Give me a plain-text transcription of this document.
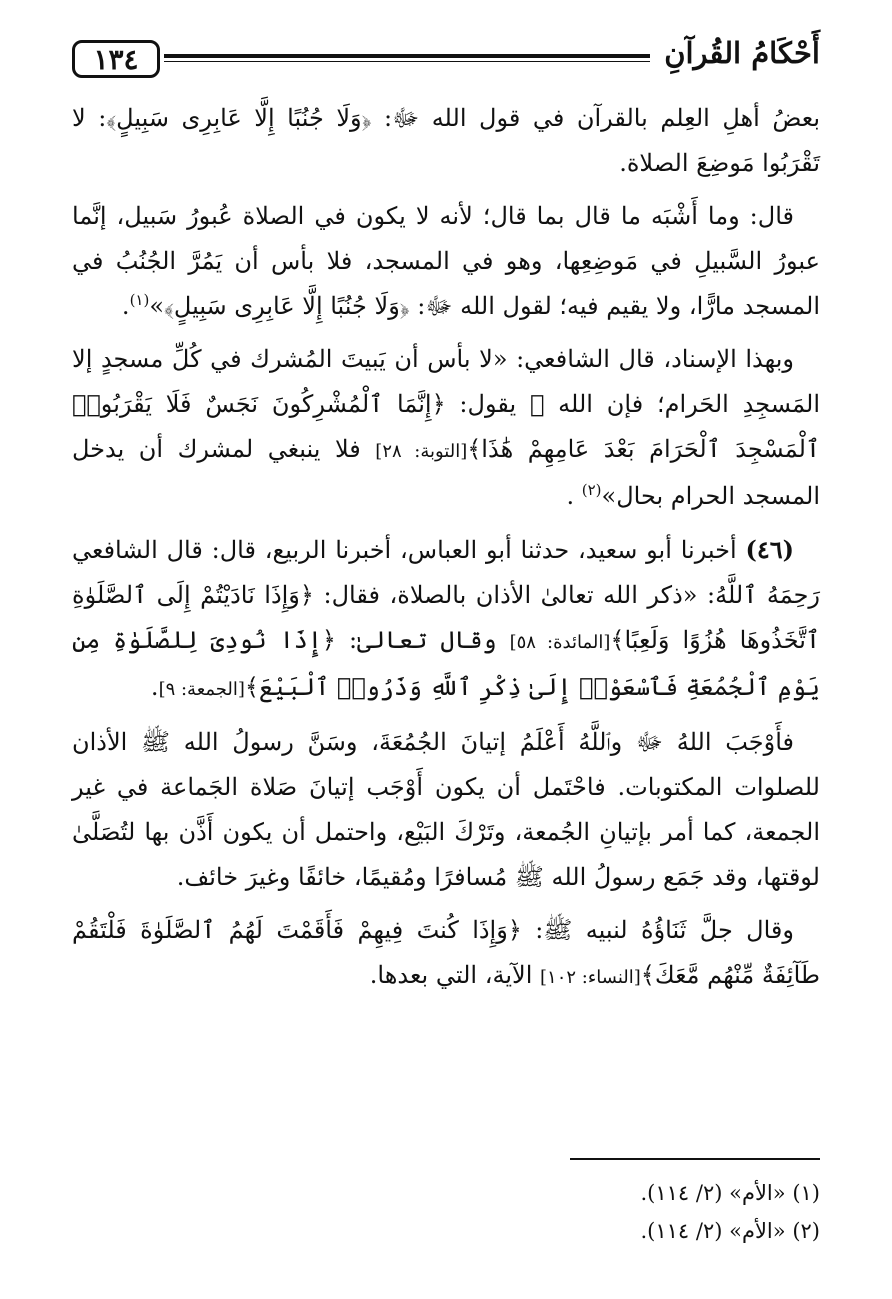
أَحْكَامُ القُرآنِ
١٣٤

بعضُ أهلِ العِلم بالقرآن في قول الله ﷻ: ﴿وَلَا جُنُبًا إِلَّا عَابِرِى سَبِيلٍ﴾: لا تَقْرَبُوا مَوضِعَ الصلاة.

قال: وما أَشْبَه ما قال بما قال؛ لأنه لا يكون في الصلاة عُبورُ سَبيل، إنَّما عبورُ السَّبيلِ في مَوضِعِها، وهو في المسجد، فلا بأس أن يَمُرَّ الجُنُبُ في المسجد مارًّا، ولا يقيم فيه؛ لقول الله ﷻ: ﴿وَلَا جُنُبًا إِلَّا عَابِرِى سَبِيلٍ﴾»$^{(١)}$.

وبهذا الإسناد، قال الشافعي: «لا بأس أن يَبيتَ المُشرك في كُلِّ مسجدٍ إلا المَسجِدِ الحَرام؛ فإن الله ﷻ يقول: ﴿إِنَّمَا ٱلْمُشْرِكُونَ نَجَسٌ فَلَا يَقْرَبُوا۟ ٱلْمَسْجِدَ ٱلْحَرَامَ بَعْدَ عَامِهِمْ هَٰذَا﴾[التوبة: ٢٨] فلا ينبغي لمشرك أن يدخل المسجد الحرام بحال»$^{(٢)}$ .

(٤٦) أخبرنا أبو سعيد، حدثنا أبو العباس، أخبرنا الربيع، قال: قال الشافعي رَحِمَهُ ٱللَّهُ: «ذكر الله تعالىٰ الأذان بالصلاة، فقال: ﴿وَإِذَا نَادَيْتُمْ إِلَى ٱلصَّلَوٰةِ ٱتَّخَذُوهَا هُزُوًا وَلَعِبًا﴾[المائدة: ٥٨] وقال تعالىٰ: ﴿إِذَا نُودِىَ لِلصَّلَوٰةِ مِن يَوْمِ ٱلْجُمُعَةِ فَٱسْعَوْا۟ إِلَىٰ ذِكْرِ ٱللَّهِ وَذَرُوا۟ ٱلْبَيْعَ﴾[الجمعة: ٩].

فأَوْجَبَ اللهُ ﷻ وٱللَّهُ أَعْلَمُ إتيانَ الجُمُعَةَ، وسَنَّ رسولُ الله ﷺ الأذان للصلوات المكتوبات. فاحْتَمل أن يكون أَوْجَب إتيانَ صَلاة الجَماعة في غير الجمعة، كما أمر بإتيانِ الجُمعة، وتَرْكَ البَيْع، واحتمل أن يكون أَذَّن بها لتُصَلَّىٰ لوقتها، وقد جَمَع رسولُ الله ﷺ مُسافرًا ومُقيمًا، خائفًا وغيرَ خائف.

وقال جلَّ ثَنَاؤُهُ لنبيه ﷺ: ﴿وَإِذَا كُنتَ فِيهِمْ فَأَقَمْتَ لَهُمُ ٱلصَّلَوٰةَ فَلْتَقُمْ طَآئِفَةٌ مِّنْهُم مَّعَكَ﴾[النساء: ١٠٢] الآية، التي بعدها.

(١) «الأم» (٢/ ١١٤).

(٢) «الأم» (٢/ ١١٤).
